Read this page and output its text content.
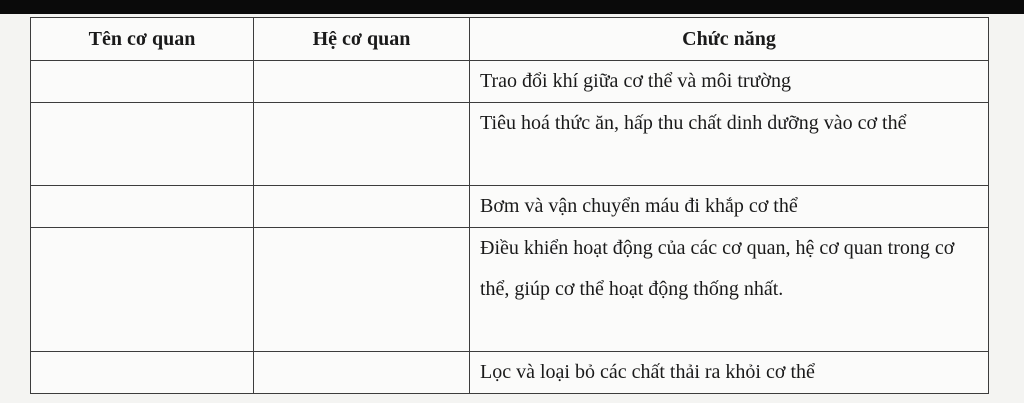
Tên cơ quan	Hệ cơ quan	Chức năng
		Trao đổi khí giữa cơ thể và môi trường
		Tiêu hoá thức ăn, hấp thu chất dinh dưỡng vào cơ thể
		Bơm và vận chuyển máu đi khắp cơ thể
		Điều khiển hoạt động của các cơ quan, hệ cơ quan trong cơ thể, giúp cơ thể hoạt động thống nhất.
		Lọc và loại bỏ các chất thải ra khỏi cơ thể
